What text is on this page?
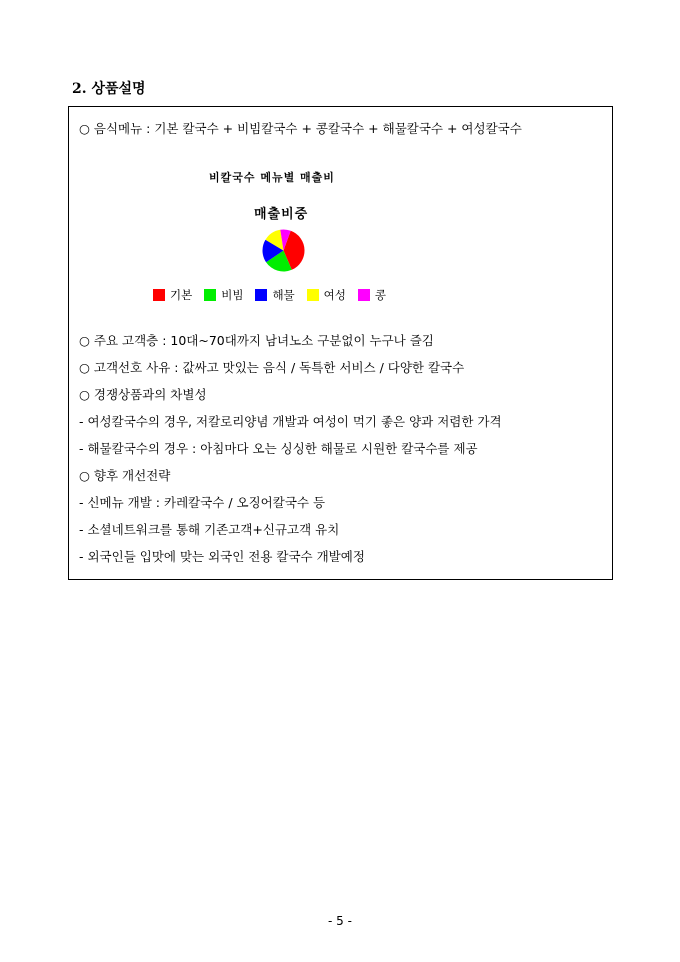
2. 상품설명
○ 음식메뉴 : 기본 칼국수 + 비빔칼국수 + 콩칼국수 + 해물칼국수 + 여성칼국수
비칼국수 메뉴별 매출비
매출비중
기본	비빔	해물	여성	콩
○ 주요 고객층 : 10대~70대까지 남녀노소 구분없이 누구나 즐김
○ 고객선호 사유 : 값싸고 맛있는 음식 / 독특한 서비스 / 다양한 칼국수
○ 경쟁상품과의 차별성
- 여성칼국수의 경우, 저칼로리양념 개발과 여성이 먹기 좋은 양과 저렴한 가격
- 해물칼국수의 경우 : 아침마다 오는 싱싱한 해물로 시원한 칼국수를 제공
○ 향후 개선전략
- 신메뉴 개발 : 카레칼국수 / 오징어칼국수 등
- 소셜네트워크를 통해 기존고객+신규고객 유치
- 외국인들 입맛에 맞는 외국인 전용 칼국수 개발예정
- 5 -
